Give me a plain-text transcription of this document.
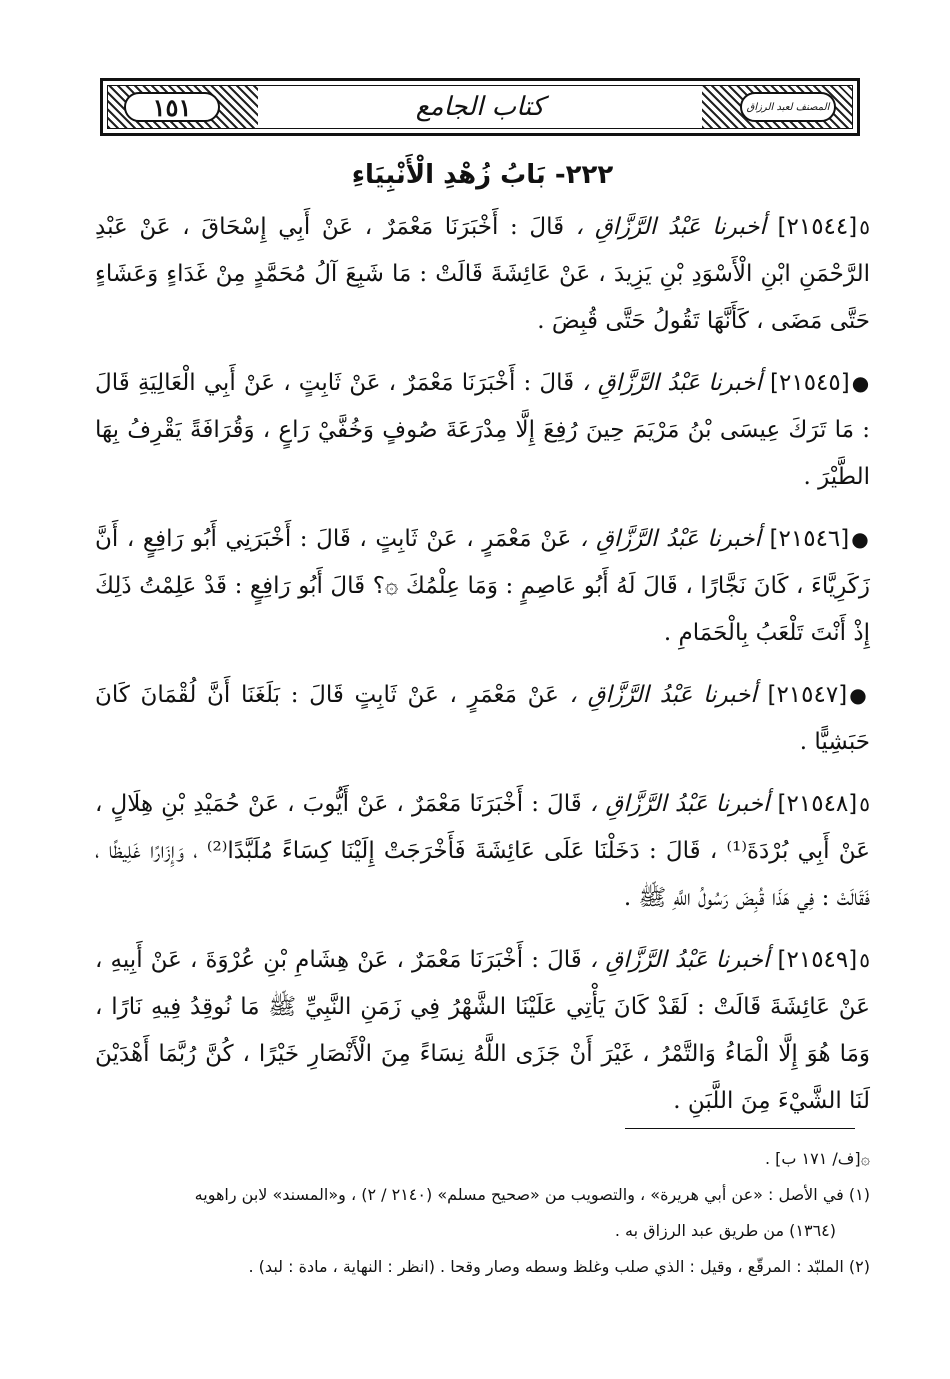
كتاب الجامع
١٥١	المصنف لعبد الرزاق
٢٢٢- بَابُ زُهْدِ الْأَنْبِيَاءِ

٥[٢١٥٤٤] أخبرنا عَبْدُ الرَّزَّاقِ ، قَالَ : أَخْبَرَنَا مَعْمَرٌ ، عَنْ أَبِي إِسْحَاقَ ، عَنْ عَبْدِ الرَّحْمَنِ ابْنِ الْأَسْوَدِ بْنِ يَزِيدَ ، عَنْ عَائِشَةَ قَالَتْ : مَا شَبِعَ آلُ مُحَمَّدٍ مِنْ غَدَاءٍ وَعَشَاءٍ حَتَّى مَضَى ، كَأَنَّهَا تَقُولُ حَتَّى قُبِضَ .

●[٢١٥٤٥] أخبرنا عَبْدُ الرَّزَّاقِ ، قَالَ : أَخْبَرَنَا مَعْمَرٌ ، عَنْ ثَابِتٍ ، عَنْ أَبِي الْعَالِيَةِ قَالَ : مَا تَرَكَ عِيسَى بْنُ مَرْيَمَ حِينَ رُفِعَ إِلَّا مِدْرَعَةَ صُوفٍ وَخُفَّيْ رَاعٍ ، وَقُرَافَةً يَقْرِفُ بِهَا الطَّيْرَ .

●[٢١٥٤٦] أخبرنا عَبْدُ الرَّزَّاقِ ، عَنْ مَعْمَرٍ ، عَنْ ثَابِتٍ ، قَالَ : أَخْبَرَنِي أَبُو رَافِعٍ ، أَنَّ زَكَرِيَّاءَ ، كَانَ نَجَّارًا ، قَالَ لَهُ أَبُو عَاصِمٍ : وَمَا عِلْمُكَ ۞؟ قَالَ أَبُو رَافِعٍ : قَدْ عَلِمْتُ ذَلِكَ إِذْ أَنْتَ تَلْعَبُ بِالْحَمَامِ .

●[٢١٥٤٧] أخبرنا عَبْدُ الرَّزَّاقِ ، عَنْ مَعْمَرٍ ، عَنْ ثَابِتٍ قَالَ : بَلَغَنَا أَنَّ لُقْمَانَ كَانَ حَبَشِيًّا .

٥[٢١٥٤٨] أخبرنا عَبْدُ الرَّزَّاقِ ، قَالَ : أَخْبَرَنَا مَعْمَرٌ ، عَنْ أَيُّوبَ ، عَنْ حُمَيْدِ بْنِ هِلَالٍ ، عَنْ أَبِي بُرْدَةَ⁽¹⁾ ، قَالَ : دَخَلْنَا عَلَى عَائِشَةَ فَأَخْرَجَتْ إِلَيْنَا كِسَاءً مُلَبَّدًا⁽²⁾ ، وَإِزَارًا غَلِيظًا ، فَقَالَتْ : فِي هَذَا قُبِضَ رَسُولُ اللَّهِ ﷺ .

٥[٢١٥٤٩] أخبرنا عَبْدُ الرَّزَّاقِ ، قَالَ : أَخْبَرَنَا مَعْمَرٌ ، عَنْ هِشَامِ بْنِ عُرْوَةَ ، عَنْ أَبِيهِ ، عَنْ عَائِشَةَ قَالَتْ : لَقَدْ كَانَ يَأْتِي عَلَيْنَا الشَّهْرُ فِي زَمَنِ النَّبِيِّ ﷺ مَا نُوقِدُ فِيهِ نَارًا ، وَمَا هُوَ إِلَّا الْمَاءُ وَالتَّمْرُ ، غَيْرَ أَنْ جَزَى اللَّهُ نِسَاءً مِنَ الْأَنْصَارِ خَيْرًا ، كُنَّ رُبَّمَا أَهْدَيْنَ لَنَا الشَّيْءَ مِنَ اللَّبَنِ .

۞[ف/ ١٧١ ب] .
(١) في الأصل : «عن أبي هريرة» ، والتصويب من «صحيح مسلم» (٢١٤٠ / ٢) ، و«المسند» لابن راهويه
(١٣٦٤) من طريق عبد الرزاق به .
(٢) الملبّد : المرقّع ، وقيل : الذي صلب وغلظ وسطه وصار وقحا . (انظر : النهاية ، مادة : لبد) .
